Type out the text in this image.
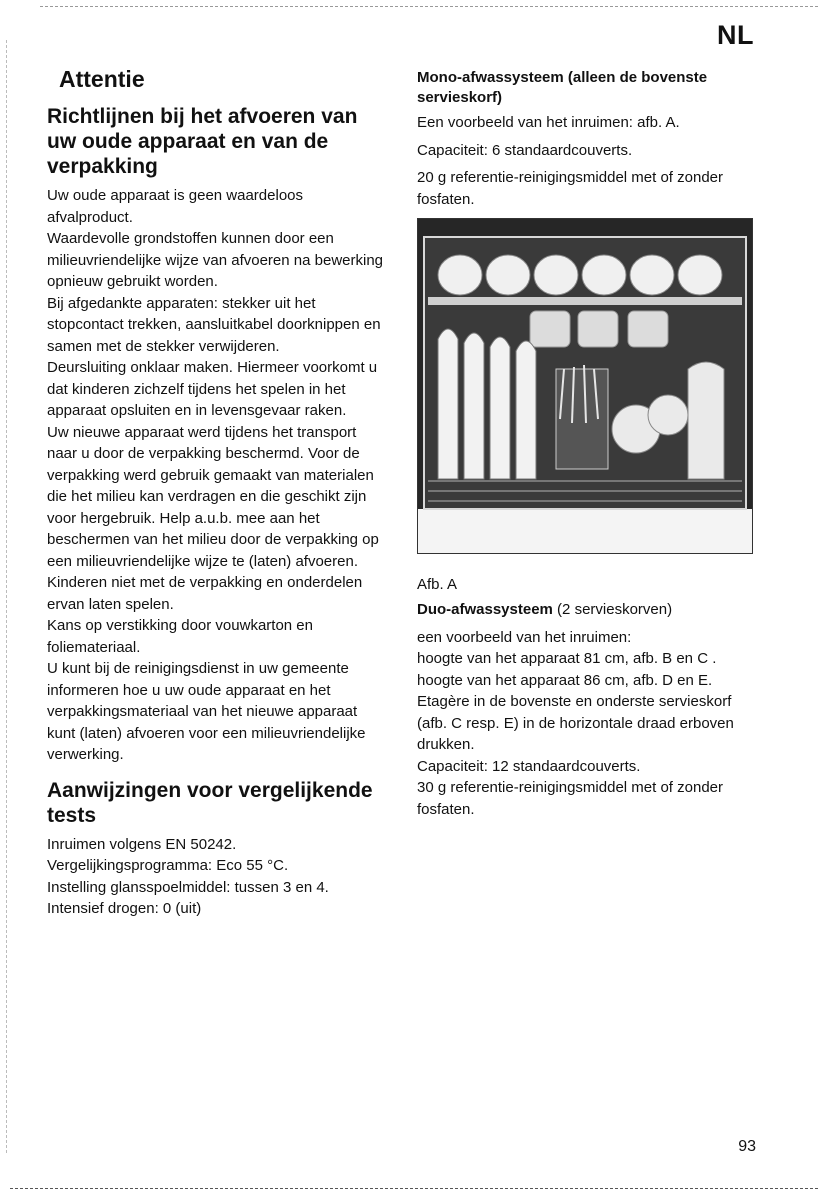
NL
Attentie
Richtlijnen bij het afvoeren van uw oude apparaat en van de verpakking

Uw oude apparaat is geen waardeloos afvalproduct.

Waardevolle grondstoffen kunnen door een milieuvriendelijke wijze van afvoeren na bewerking opnieuw gebruikt worden.

Bij afgedankte apparaten: stekker uit het stopcontact trekken, aansluitkabel doorknippen en samen met de stekker verwijderen.

Deursluiting onklaar maken. Hiermeer voorkomt u dat kinderen zichzelf tijdens het spelen in het apparaat opsluiten en in levensgevaar raken.

Uw nieuwe apparaat werd tijdens het transport naar u door de verpakking beschermd. Voor de verpakking werd gebruik gemaakt van materialen die het milieu kan verdragen en die geschikt zijn voor hergebruik. Help a.u.b. mee aan het beschermen van het milieu door de verpakking op een milieuvriendelijke wijze te (laten) afvoeren.

Kinderen niet met de verpakking en onderdelen ervan laten spelen.

Kans op verstikking door vouwkarton en foliemateriaal.

U kunt bij de reinigingsdienst in uw gemeente informeren hoe u uw oude apparaat en het verpakkingsmateriaal van het nieuwe apparaat kunt (laten) afvoeren voor een milieuvriendelijke verwerking.

Aanwijzingen voor vergelijkende tests

Inruimen volgens EN 50242.

Vergelijkingsprogramma: Eco 55 °C.

Instelling glansspoelmiddel: tussen 3 en 4.

Intensief drogen: 0 (uit)

Mono-afwassysteem (alleen de bovenste servieskorf)

Een voorbeeld van het inruimen: afb. A.

Capaciteit: 6 standaardcouverts.

20 g referentie-reinigingsmiddel met of zonder fosfaten.

Afb. A

Duo-afwassysteem (2 servieskorven)

een voorbeeld van het inruimen:

hoogte van het apparaat 81 cm, afb. B en C .

hoogte van het apparaat 86 cm, afb. D en E.

Etagère in de bovenste en onderste servieskorf (afb. C resp. E) in de horizontale draad erboven drukken.

Capaciteit: 12 standaardcouverts.

30 g referentie-reinigingsmiddel met of zonder fosfaten.

93
